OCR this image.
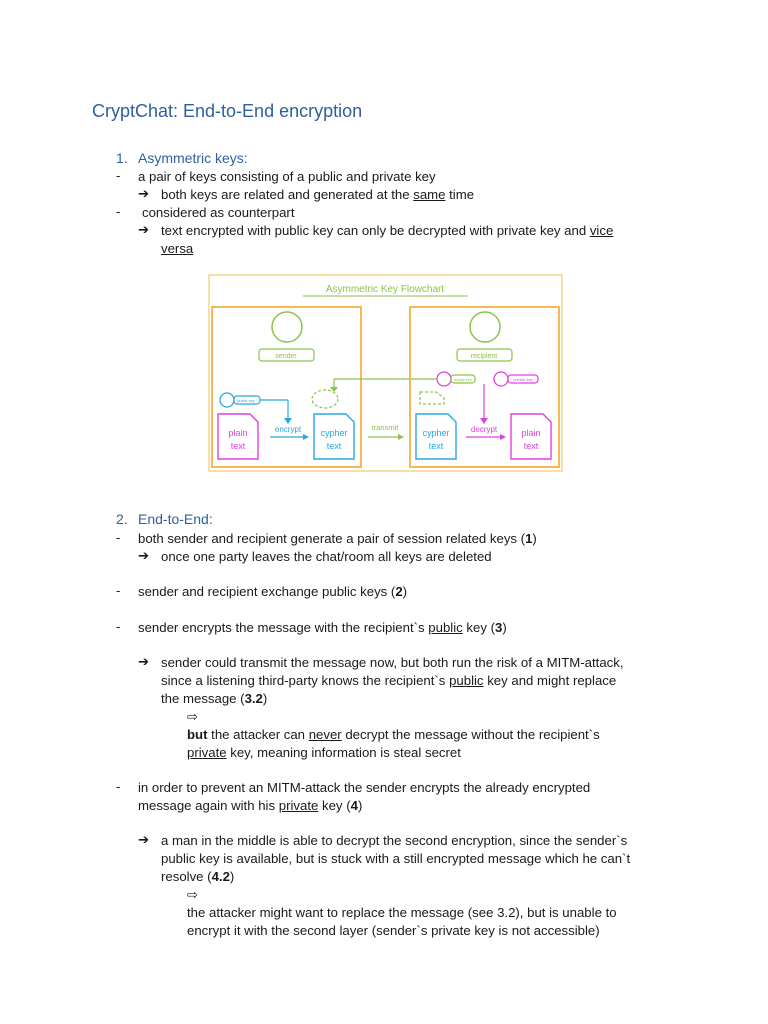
CryptChat: End-to-End encryption
1. Asymmetric keys:
- a pair of keys consisting of a public and private key
➔ both keys are related and generated at the same time
- considered as counterpart
➔ text encrypted with public key can only be decrypted with private key and vice
versa
Asymmetric Key Flowchart
sender
public key
plain
text
encrypt cypher
text
transmit
recipient
public key	private key
cypher
text
decrypt	plain
text
2. End-to-End:
- both sender and recipient generate a pair of session related keys (1)
➔ once one party leaves the chat/room all keys are deleted
- sender and recipient exchange public keys (2)
- sender encrypts the message with the recipient`s public key (3)
➔ sender could transmit the message now, but both run the risk of a MITM-attack,
since a listening third-party knows the recipient`s public key and might replace
the message (3.2)
⇨
but the attacker can never decrypt the message without the recipient`s
private key, meaning information is steal secret
- in order to prevent an MITM-attack the sender encrypts the already encrypted
message again with his private key (4)
➔ a man in the middle is able to decrypt the second encryption, since the sender`s
public key is available, but is stuck with a still encrypted message which he can`t
resolve (4.2)
⇨
the attacker might want to replace the message (see 3.2), but is unable to
encrypt it with the second layer (sender`s private key is not accessible)
